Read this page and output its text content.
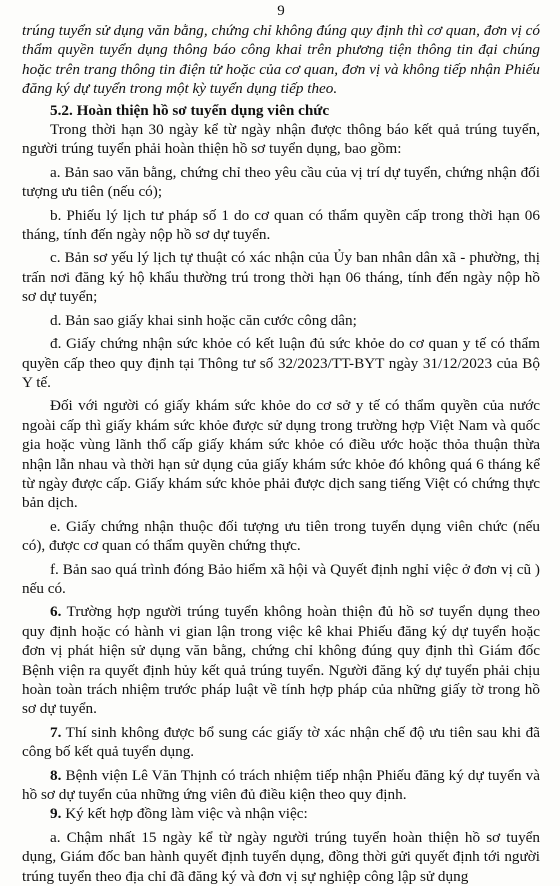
9

trúng tuyển sử dụng văn bằng, chứng chỉ không đúng quy định thì cơ quan, đơn vị có thẩm quyền tuyển dụng thông báo công khai trên phương tiện thông tin đại chúng hoặc trên trang thông tin điện tử hoặc của cơ quan, đơn vị và không tiếp nhận Phiếu đăng ký dự tuyển trong một kỳ tuyển dụng tiếp theo.

5.2. Hoàn thiện hồ sơ tuyển dụng viên chức

Trong thời hạn 30 ngày kể từ ngày nhận được thông báo kết quả trúng tuyển, người trúng tuyển phải hoàn thiện hồ sơ tuyển dụng, bao gồm:

a. Bản sao văn bằng, chứng chỉ theo yêu cầu của vị trí dự tuyển, chứng nhận đối tượng ưu tiên (nếu có);

b. Phiếu lý lịch tư pháp số 1 do cơ quan có thẩm quyền cấp trong thời hạn 06 tháng, tính đến ngày nộp hồ sơ dự tuyển.

c. Bản sơ yếu lý lịch tự thuật có xác nhận của Ủy ban nhân dân xã - phường, thị trấn nơi đăng ký hộ khẩu thường trú trong thời hạn 06 tháng, tính đến ngày nộp hồ sơ dự tuyển;

d. Bản sao giấy khai sinh hoặc căn cước công dân;

đ. Giấy chứng nhận sức khỏe có kết luận đủ sức khỏe do cơ quan y tế có thẩm quyền cấp theo quy định tại Thông tư số 32/2023/TT-BYT ngày 31/12/2023 của Bộ Y tế.

Đối với người có giấy khám sức khỏe do cơ sở y tế có thẩm quyền của nước ngoài cấp thì giấy khám sức khỏe được sử dụng trong trường hợp Việt Nam và quốc gia hoặc vùng lãnh thổ cấp giấy khám sức khỏe có điều ước hoặc thỏa thuận thừa nhận lẫn nhau và thời hạn sử dụng của giấy khám sức khỏe đó không quá 6 tháng kể từ ngày được cấp. Giấy khám sức khỏe phải được dịch sang tiếng Việt có chứng thực bản dịch.

e. Giấy chứng nhận thuộc đối tượng ưu tiên trong tuyển dụng viên chức (nếu có), được cơ quan có thẩm quyền chứng thực.

f. Bản sao quá trình đóng Bảo hiểm xã hội và Quyết định nghỉ việc ở đơn vị cũ ) nếu có.

6. Trường hợp người trúng tuyển không hoàn thiện đủ hồ sơ tuyển dụng theo quy định hoặc có hành vi gian lận trong việc kê khai Phiếu đăng ký dự tuyển hoặc đơn vị phát hiện sử dụng văn bằng, chứng chỉ không đúng quy định thì Giám đốc Bệnh viện ra quyết định hủy kết quả trúng tuyển. Người đăng ký dự tuyển phải chịu hoàn toàn trách nhiệm trước pháp luật về tính hợp pháp của những giấy tờ trong hồ sơ dự tuyển.

7. Thí sinh không được bổ sung các giấy tờ xác nhận chế độ ưu tiên sau khi đã công bố kết quả tuyển dụng.

8. Bệnh viện Lê Văn Thịnh có trách nhiệm tiếp nhận Phiếu đăng ký dự tuyển và hồ sơ dự tuyển của những ứng viên đủ điều kiện theo quy định.

9. Ký kết hợp đồng làm việc và nhận việc:

a. Chậm nhất 15 ngày kể từ ngày người trúng tuyển hoàn thiện hồ sơ tuyển dụng, Giám đốc ban hành quyết định tuyển dụng, đồng thời gửi quyết định tới người trúng tuyển theo địa chỉ đã đăng ký và đơn vị sự nghiệp công lập sử dụng
